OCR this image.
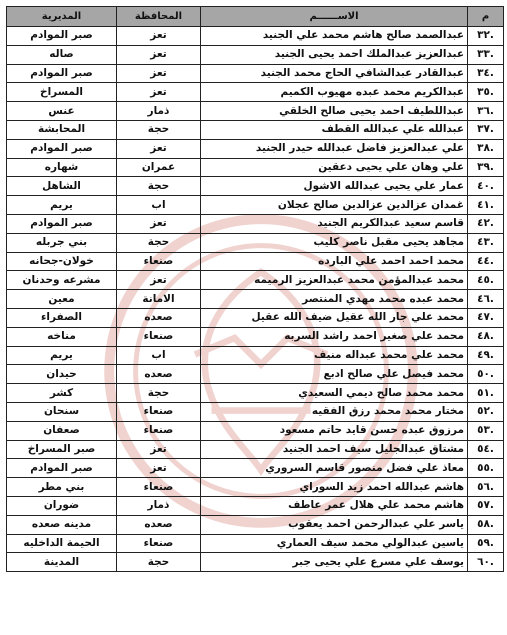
م	الاســــــم	المحافظة	المديرية
.٣٢	عبدالصمد صالح هاشم محمد علي الجنيد	تعز	صبر الموادم
.٣٣	عبدالعزيز عبدالملك احمد يحيى الجنيد	تعز	صاله
.٣٤	عبدالقادر عبدالشافي الحاج محمد الجنيد	تعز	صبر الموادم
.٣٥	عبدالكريم محمد عبده مهيوب الكميم	تعز	المسراخ
.٣٦	عبداللطيف احمد يحيى صالح الخلقي	ذمار	عنس
.٣٧	عبدالله علي عبدالله القطف	حجة	المحابشة
.٣٨	علي عبدالعزيز فاضل عبدالله حيدر الجنيد	تعز	صبر الموادم
.٣٩	علي وهان علي يحيى دعقين	عمران	شهاره
.٤٠	عمار علي يحيى عبدالله الاشول	حجة	الشاهل
.٤١	غمدان عزالدين عزالدين صالح عجلان	اب	يريم
.٤٢	قاسم سعيد عبدالكريم الجنيد	تعز	صبر الموادم
.٤٣	مجاهد يحيى مقبل ناصر كليب	حجة	بني جربله
.٤٤	محمد احمد احمد علي البارده	صنعاء	خولان-جحانه
.٤٥	محمد عبدالمؤمن محمد عبدالعزيز الرميمه	تعز	مشرعه وحدنان
.٤٦	محمد عبده محمد مهدي المنتصر	الامانة	معين
.٤٧	محمد علي جار الله عقيل ضيف الله عقيل	صعده	الصفراء
.٤٨	محمد علي صغير احمد راشد السربه	صنعاء	مناخه
.٤٩	محمد علي محمد عبداله منيف	اب	يريم
.٥٠	محمد فيصل علي صالح ادبع	صعده	حيدان
.٥١	محمد محمد صالح ديمي السعيدي	حجة	كشر
.٥٢	مختار محمد محمد رزق الفقيه	صنعاء	سنحان
.٥٣	مرزوق عبده حسن قايد حاتم مسعود	صنعاء	صعفان
.٥٤	مشتاق عبدالجليل سيف احمد الجنيد	تعز	صبر المسراخ
.٥٥	معاذ علي فضل منصور قاسم السروري	تعز	صبر الموادم
.٥٦	هاشم عبدالله احمد زيد السوراي	صنعاء	بني مطر
.٥٧	هاشم محمد علي هلال عمر عاطف	ذمار	ضوران
.٥٨	ياسر علي عبدالرحمن احمد يعقوب	صعده	مدينه صعده
.٥٩	ياسين عبدالولي محمد سيف العماري	صنعاء	الحيمة الداخليه
.٦٠	يوسف علي مسرع علي يحيى جبر	حجة	المدينة
